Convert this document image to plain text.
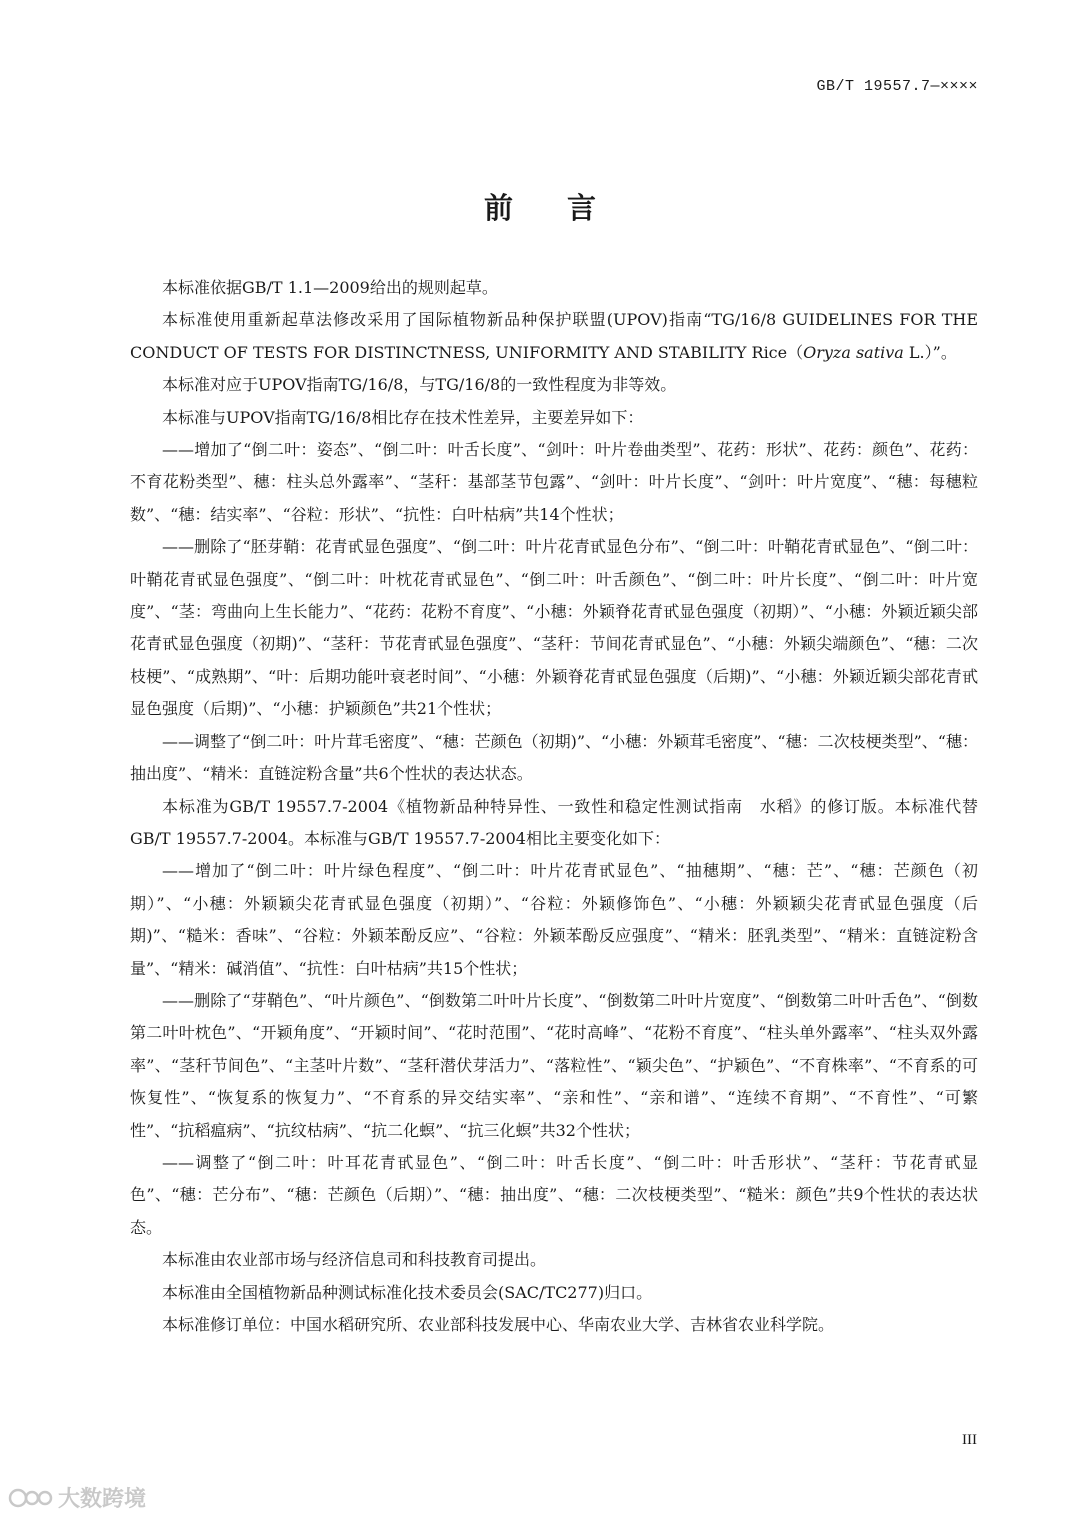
GB/T 19557.7—××××
前 言

本标准依据GB/T 1.1—2009给出的规则起草。

本标准使用重新起草法修改采用了国际植物新品种保护联盟(UPOV)指南“TG/16/8 GUIDELINES FOR THE CONDUCT OF TESTS FOR DISTINCTNESS, UNIFORMITY AND STABILITY Rice（Oryza sativa L.）”。

本标准对应于UPOV指南TG/16/8，与TG/16/8的一致性程度为非等效。

本标准与UPOV指南TG/16/8相比存在技术性差异，主要差异如下：

——增加了“倒二叶：姿态”、“倒二叶：叶舌长度”、“剑叶：叶片卷曲类型”、花药：形状”、花药：颜色”、花药：不育花粉类型”、穗：柱头总外露率”、“茎秆：基部茎节包露”、“剑叶：叶片长度”、“剑叶：叶片宽度”、“穗：每穗粒数”、“穗：结实率”、“谷粒：形状”、“抗性：白叶枯病”共14个性状；

——删除了“胚芽鞘：花青甙显色强度”、“倒二叶：叶片花青甙显色分布”、“倒二叶：叶鞘花青甙显色”、“倒二叶：叶鞘花青甙显色强度”、“倒二叶：叶枕花青甙显色”、“倒二叶：叶舌颜色”、“倒二叶：叶片长度”、“倒二叶：叶片宽度”、“茎：弯曲向上生长能力”、“花药：花粉不育度”、“小穗：外颖脊花青甙显色强度（初期）”、“小穗：外颖近颖尖部花青甙显色强度（初期)”、“茎秆：节花青甙显色强度”、“茎秆：节间花青甙显色”、“小穗：外颖尖端颜色”、“穗：二次枝梗”、“成熟期”、“叶：后期功能叶衰老时间”、“小穗：外颖脊花青甙显色强度（后期)”、“小穗：外颖近颖尖部花青甙显色强度（后期)”、“小穗：护颖颜色”共21个性状；

——调整了“倒二叶：叶片茸毛密度”、“穗：芒颜色（初期)”、“小穗：外颖茸毛密度”、“穗：二次枝梗类型”、“穗：抽出度”、“精米：直链淀粉含量”共6个性状的表达状态。

本标准为GB/T 19557.7-2004《植物新品种特异性、一致性和稳定性测试指南　水稻》的修订版。本标准代替GB/T 19557.7-2004。本标准与GB/T 19557.7-2004相比主要变化如下：

——增加了“倒二叶：叶片绿色程度”、“倒二叶：叶片花青甙显色”、“抽穗期”、“穗：芒”、“穗：芒颜色（初期）”、“小穗：外颖颖尖花青甙显色强度（初期）”、“谷粒：外颖修饰色”、“小穗：外颖颖尖花青甙显色强度（后期)”、“糙米：香味”、“谷粒：外颖苯酚反应”、“谷粒：外颖苯酚反应强度”、“精米：胚乳类型”、“精米：直链淀粉含量”、“精米：碱消值”、“抗性：白叶枯病”共15个性状；

——删除了“芽鞘色”、“叶片颜色”、“倒数第二叶叶片长度”、“倒数第二叶叶片宽度”、“倒数第二叶叶舌色”、“倒数第二叶叶枕色”、“开颖角度”、“开颖时间”、“花时范围”、“花时高峰”、“花粉不育度”、“柱头单外露率”、“柱头双外露率”、“茎秆节间色”、“主茎叶片数”、“茎秆潜伏芽活力”、“落粒性”、“颖尖色”、“护颖色”、“不育株率”、“不育系的可恢复性”、“恢复系的恢复力”、“不育系的异交结实率”、“亲和性”、“亲和谱”、“连续不育期”、“不育性”、“可繁性”、“抗稻瘟病”、“抗纹枯病”、“抗二化螟”、“抗三化螟”共32个性状；

——调整了“倒二叶：叶耳花青甙显色”、“倒二叶：叶舌长度”、“倒二叶：叶舌形状”、“茎秆：节花青甙显色”、“穗：芒分布”、“穗：芒颜色（后期）”、“穗：抽出度”、“穗：二次枝梗类型”、“糙米：颜色”共9个性状的表达状态。

本标准由农业部市场与经济信息司和科技教育司提出。

本标准由全国植物新品种测试标准化技术委员会(SAC/TC277)归口。

本标准修订单位：中国水稻研究所、农业部科技发展中心、华南农业大学、吉林省农业科学院。

III
大数跨境
